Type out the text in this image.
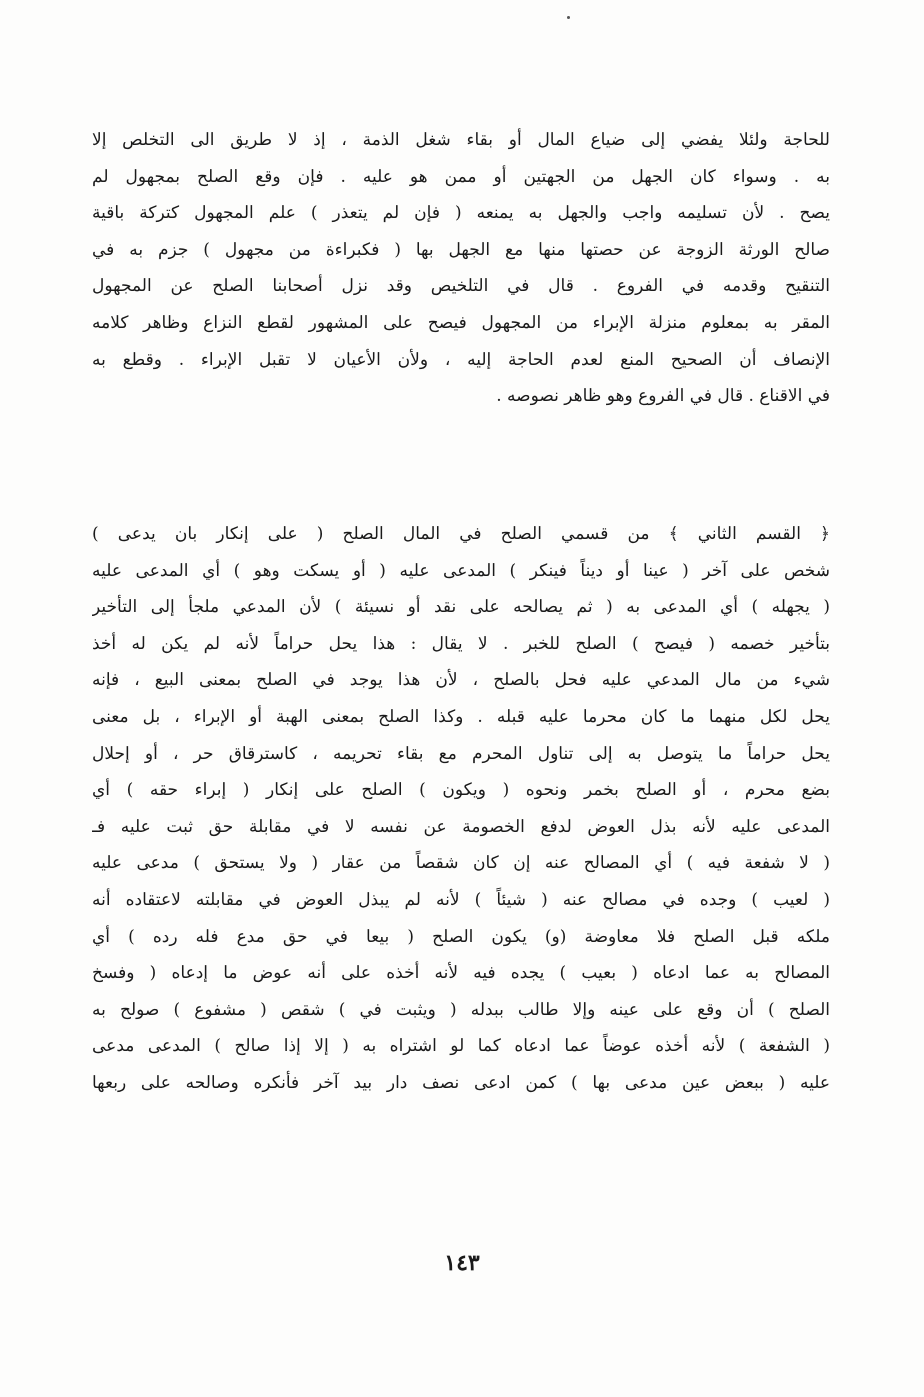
للحاجة ولئلا يفضي إلى ضياع المال أو بقاء شغل الذمة ، إذ لا طريق الى التخلص إلا
به . وسواء كان الجهل من الجهتين أو ممن هو عليه . فإن وقع الصلح بمجهول لم
يصح . لأن تسليمه واجب والجهل به يمنعه ( فإن لم يتعذر ) علم المجهول كتركة باقية
صالح الورثة الزوجة عن حصتها منها مع الجهل بها ( فكبراءة من مجهول ) جزم به في
التنقيح وقدمه في الفروع . قال في التلخيص وقد نزل أصحابنا الصلح عن المجهول
المقر به بمعلوم منزلة الإبراء من المجهول فيصح على المشهور لقطع النزاع وظاهر كلامه
الإنصاف أن الصحيح المنع لعدم الحاجة إليه ، ولأن الأعيان لا تقبل الإبراء . وقطع به
في الاقناع . قال في الفروع وهو ظاهر نصوصه .
﴿ القسم الثاني ﴾ من قسمي الصلح في المال الصلح ( على إنكار بان يدعى )
شخص على آخر ( عينا أو ديناً فينكر ) المدعى عليه ( أو يسكت وهو ) أي المدعى عليه
( يجهله ) أي المدعى به ( ثم يصالحه على نقد أو نسيئة ) لأن المدعي ملجأ إلى التأخير
بتأخير خصمه ( فيصح ) الصلح للخبر . لا يقال : هذا يحل حراماً لأنه لم يكن له أخذ
شيء من مال المدعي عليه فحل بالصلح ، لأن هذا يوجد في الصلح بمعنى البيع ، فإنه
يحل لكل منهما ما كان محرما عليه قبله . وكذا الصلح بمعنى الهبة أو الإبراء ، بل معنى
يحل حراماً ما يتوصل به إلى تناول المحرم مع بقاء تحريمه ، كاسترقاق حر ، أو إحلال
بضع محرم ، أو الصلح بخمر ونحوه ( ويكون ) الصلح على إنكار ( إبراء حقه ) أي
المدعى عليه لأنه بذل العوض لدفع الخصومة عن نفسه لا في مقابلة حق ثبت عليه فـ
( لا شفعة فيه ) أي المصالح عنه إن كان شقصاً من عقار ( ولا يستحق ) مدعى عليه
( لعيب ) وجده في مصالح عنه ( شيئاً ) لأنه لم يبذل العوض في مقابلته لاعتقاده أنه
ملكه قبل الصلح فلا معاوضة (و) يكون الصلح ( بيعا في حق مدع فله رده ) أي
المصالح به عما ادعاه ( بعيب ) يجده فيه لأنه أخذه على أنه عوض ما إدعاه ( وفسخ
الصلح ) أن وقع على عينه وإلا طالب ببدله ( ويثبت في ) شقص ( مشفوع ) صولح به
( الشفعة ) لأنه أخذه عوضاً عما ادعاه كما لو اشتراه به ( إلا إذا صالح ) المدعى مدعى
عليه ( ببعض عين مدعى بها ) كمن ادعى نصف دار بيد آخر فأنكره وصالحه على ربعها
١٤٣
